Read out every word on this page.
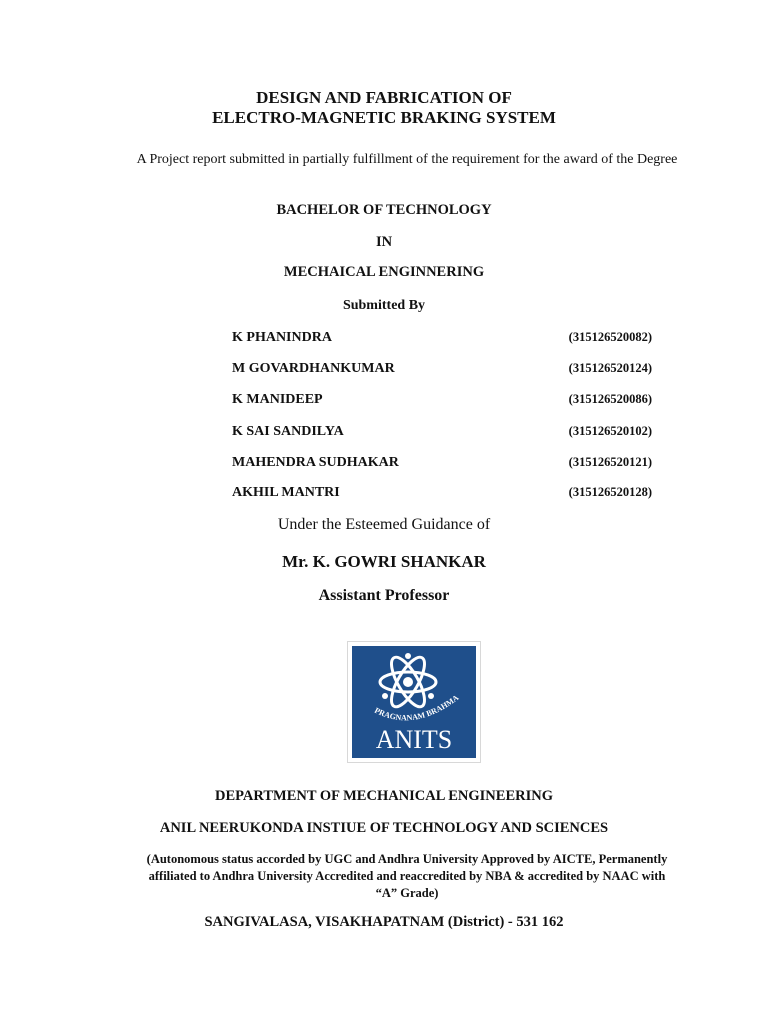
DESIGN AND FABRICATION OF
ELECTRO-MAGNETIC BRAKING SYSTEM
A Project report submitted in partially fulfillment of the requirement for the award of the Degree
BACHELOR OF TECHNOLOGY
IN
MECHAICAL ENGINNERING
Submitted By
K PHANINDRA	(315126520082)
M GOVARDHANKUMAR	(315126520124)
K MANIDEEP	(315126520086)
K SAI SANDILYA	(315126520102)
MAHENDRA SUDHAKAR	(315126520121)
AKHIL MANTRI	(315126520128)
Under the Esteemed Guidance of
Mr. K. GOWRI SHANKAR
Assistant Professor
PRAGNANAM BRAHMA
ANITS
DEPARTMENT OF MECHANICAL ENGINEERING
ANIL NEERUKONDA INSTIUE OF TECHNOLOGY AND SCIENCES
(Autonomous status accorded by UGC and Andhra University Approved by AICTE, Permanently affiliated to Andhra University Accredited and reaccredited by NBA & accredited by NAAC with “A” Grade)
SANGIVALASA, VISAKHAPATNAM (District) - 531 162
